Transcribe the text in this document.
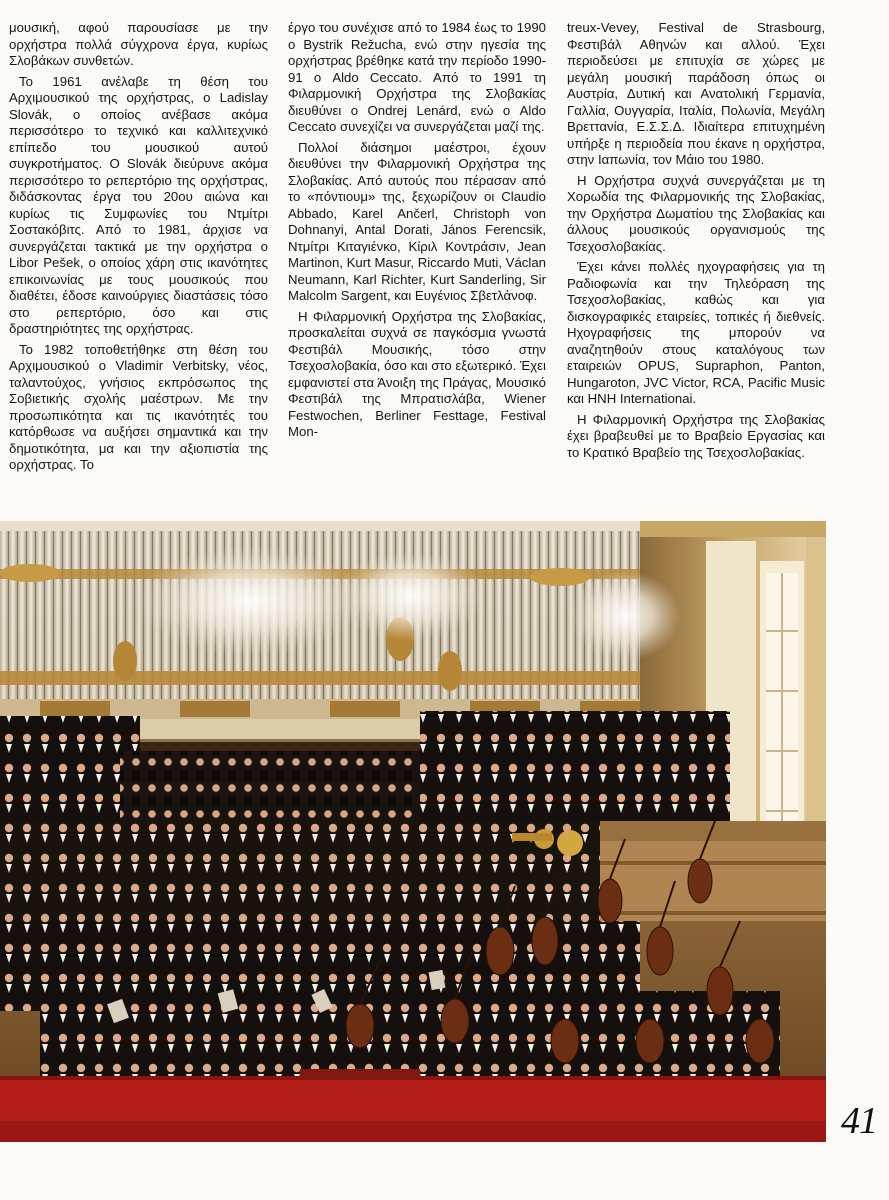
μουσική, αφού παρουσίασε με την ορχήστρα πολλά σύγχρονα έργα, κυρίως Σλοβάκων συνθετών.

Το 1961 ανέλαβε τη θέση του Αρχιμουσικού της ορχήστρας, ο Ladislay Slovák, ο οποίος ανέβασε ακόμα περισσότερο το τεχνικό και καλλιτεχνικό επίπεδο του μουσικού αυτού συγκροτήματος. Ο Slovák διεύρυνε ακόμα περισσότερο το ρεπερτόριο της ορχήστρας, διδάσκοντας έργα του 20ου αιώνα και κυρίως τις Συμφωνίες του Ντμίτρι Σοστακόβιτς. Από το 1981, άρχισε να συνεργάζεται τακτικά με την ορχήστρα ο Libor Pešek, ο οποίος χάρη στις ικανότητες επικοινωνίας με τους μουσικούς που διαθέτει, έδοσε καινούργιες διαστάσεις τόσο στο ρεπερτόριο, όσο και στις δραστηριότητες της ορχήστρας.

Το 1982 τοποθετήθηκε στη θέση του Αρχιμουσικού ο Vladimir Verbitsky, νέος, ταλαντούχος, γνήσιος εκπρόσωπος της Σοβιετικής σχολής μαέστρων. Με την προσωπικότητα και τις ικανότητές του κατόρθωσε να αυξήσει σημαντικά και την δημοτικότητα, μα και την αξιοπιστία της ορχήστρας. Το

έργο του συνέχισε από το 1984 έως το 1990 ο Bystrik Režucha, ενώ στην ηγεσία της ορχήστρας βρέθηκε κατά την περίοδο 1990-91 ο Aldo Ceccato. Από το 1991 τη Φιλαρμονική Ορχήστρα της Σλοβακίας διευθύνει ο Ondrej Lenárd, ενώ ο Aldo Ceccato συνεχίζει να συνεργάζεται μαζί της.

Πολλοί διάσημοι μαέστροι, έχουν διευθύνει την Φιλαρμονική Ορχήστρα της Σλοβακίας. Από αυτούς που πέρασαν από το «πόντιουμ» της, ξεχωρίζουν οι Claudio Abbado, Karel Ančerl, Christoph von Dohnanyi, Antal Dorati, János Ferencsik, Ντμίτρι Κιταγιένκο, Κίριλ Κοντράσιν, Jean Martinon, Kurt Masur, Riccardo Muti, Václan Neumann, Karl Richter, Kurt Sanderling, Sir Malcolm Sargent, και Ευγένιος Σβετλάνοφ.

Η Φιλαρμονική Ορχήστρα της Σλοβακίας, προσκαλείται συχνά σε παγκόσμια γνωστά Φεστιβάλ Μουσικής, τόσο στην Τσεχοσλοβακία, όσο και στο εξωτερικό. Έχει εμφανιστεί στα Άνοιξη της Πράγας, Μουσικό Φεστιβάλ της Μπρατισλάβα, Wiener Festwochen, Berliner Festtage, Festival Mon-

treux-Vevey, Festival de Strasbourg, Φεστιβάλ Αθηνών και αλλού. Έχει περιοδεύσει με επιτυχία σε χώρες με μεγάλη μουσική παράδοση όπως οι Αυστρία, Δυτική και Ανατολική Γερμανία, Γαλλία, Ουγγαρία, Ιταλία, Πολωνία, Μεγάλη Βρεττανία, Ε.Σ.Σ.Δ. Ιδιαίτερα επιτυχημένη υπήρξε η περιοδεία που έκανε η ορχήστρα, στην Ιαπωνία, τον Μάιο του 1980.

Η Ορχήστρα συχνά συνεργάζεται με τη Χορωδία της Φιλαρμονικής της Σλοβακίας, την Ορχήστρα Δωματίου της Σλοβακίας και άλλους μουσικούς οργανισμούς της Τσεχοσλοβακίας.

Έχει κάνει πολλές ηχογραφήσεις για τη Ραδιοφωνία και την Τηλεόραση της Τσεχοσλοβακίας, καθώς και για δισκογραφικές εταιρείες, τοπικές ή διεθνείς. Ηχογραφήσεις της μπορούν να αναζητηθούν στους καταλόγους των εταιρειών OPUS, Supraphon, Panton, Hungaroton, JVC Victor, RCA, Pacific Music και HNH Internationai.

Η Φιλαρμονική Ορχήστρα της Σλοβακίας έχει βραβευθεί με το Βραβείο Εργασίας και το Κρατικό Βραβείο της Τσεχοσλοβακίας.

41
